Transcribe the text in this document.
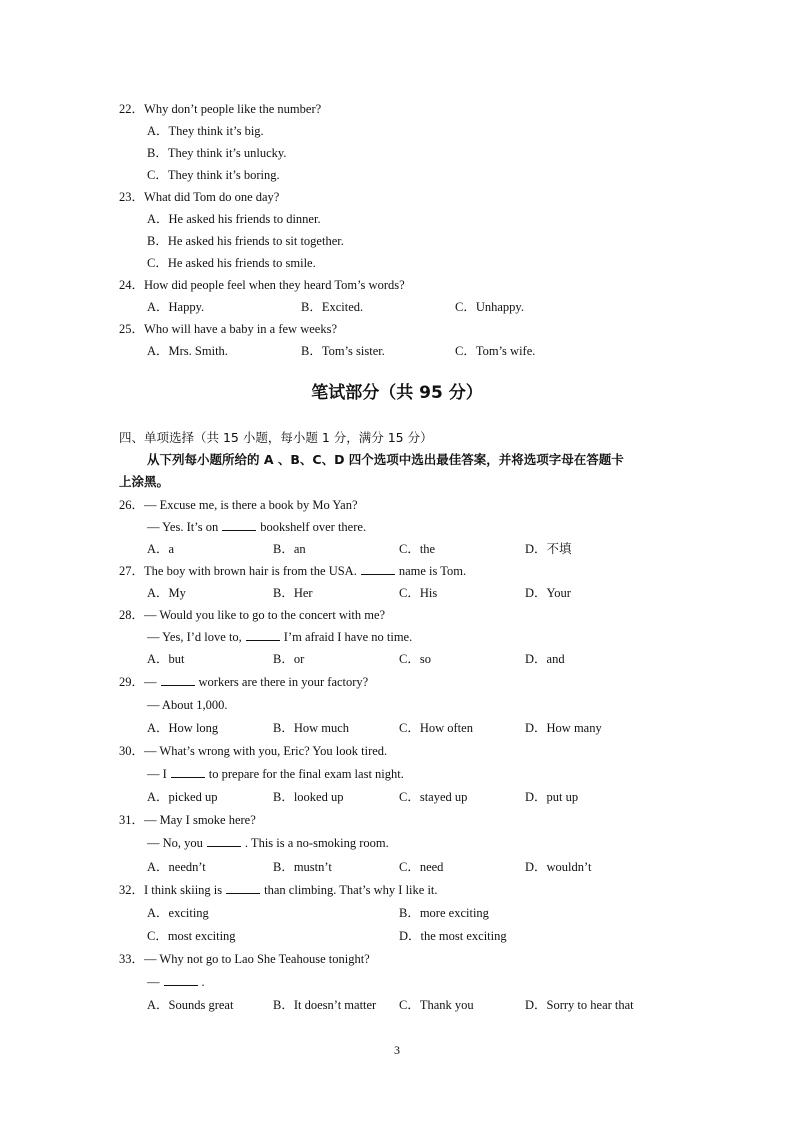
22．Why don’t people like the number?
A．They think it’s big.
B．They think it’s unlucky.
C．They think it’s boring.
23．What did Tom do one day?
A．He asked his friends to dinner.
B．He asked his friends to sit together.
C．He asked his friends to smile.
24．How did people feel when they heard Tom’s words?
A．Happy.	B．Excited.	C．Unhappy.
25．Who will have a baby in a few weeks?
A．Mrs. Smith.	B．Tom’s sister.	C．Tom’s wife.
笔试部分（共 95 分）
四、单项选择（共 15 小题，每小题 1 分，满分 15 分）
从下列每小题所给的 A 、B、C、D 四个选项中选出最佳答案，并将选项字母在答题卡
上涂黑。
26．— Excuse me, is there a book by Mo Yan?
— Yes. It’s on	bookshelf over there.
A．a	B．an	C．the	D．不填
27．The boy with brown hair is from the USA.	name is Tom.
A．My	B．Her	C．His	D．Your
28．— Would you like to go to the concert with me?
— Yes, I’d love to,	I’m afraid I have no time.
A．but	B．or	C．so	D．and
29．—	workers are there in your factory?
— About 1,000.
A．How long	B．How much	C．How often	D．How many
30．— What’s wrong with you, Eric? You look tired.
— I	to prepare for the final exam last night.
A．picked up	B．looked up	C．stayed up	D．put up
31．— May I smoke here?
— No, you	. This is a no-smoking room.
A．needn’t	B．mustn’t	C．need	D．wouldn’t
32．I think skiing is	than climbing. That’s why I like it.
A．exciting	B．more exciting
C．most exciting	D．the most exciting
33．— Why not go to Lao She Teahouse tonight?
—	.
A．Sounds great	B．It doesn’t matter C．Thank you	D．Sorry to hear that
3
